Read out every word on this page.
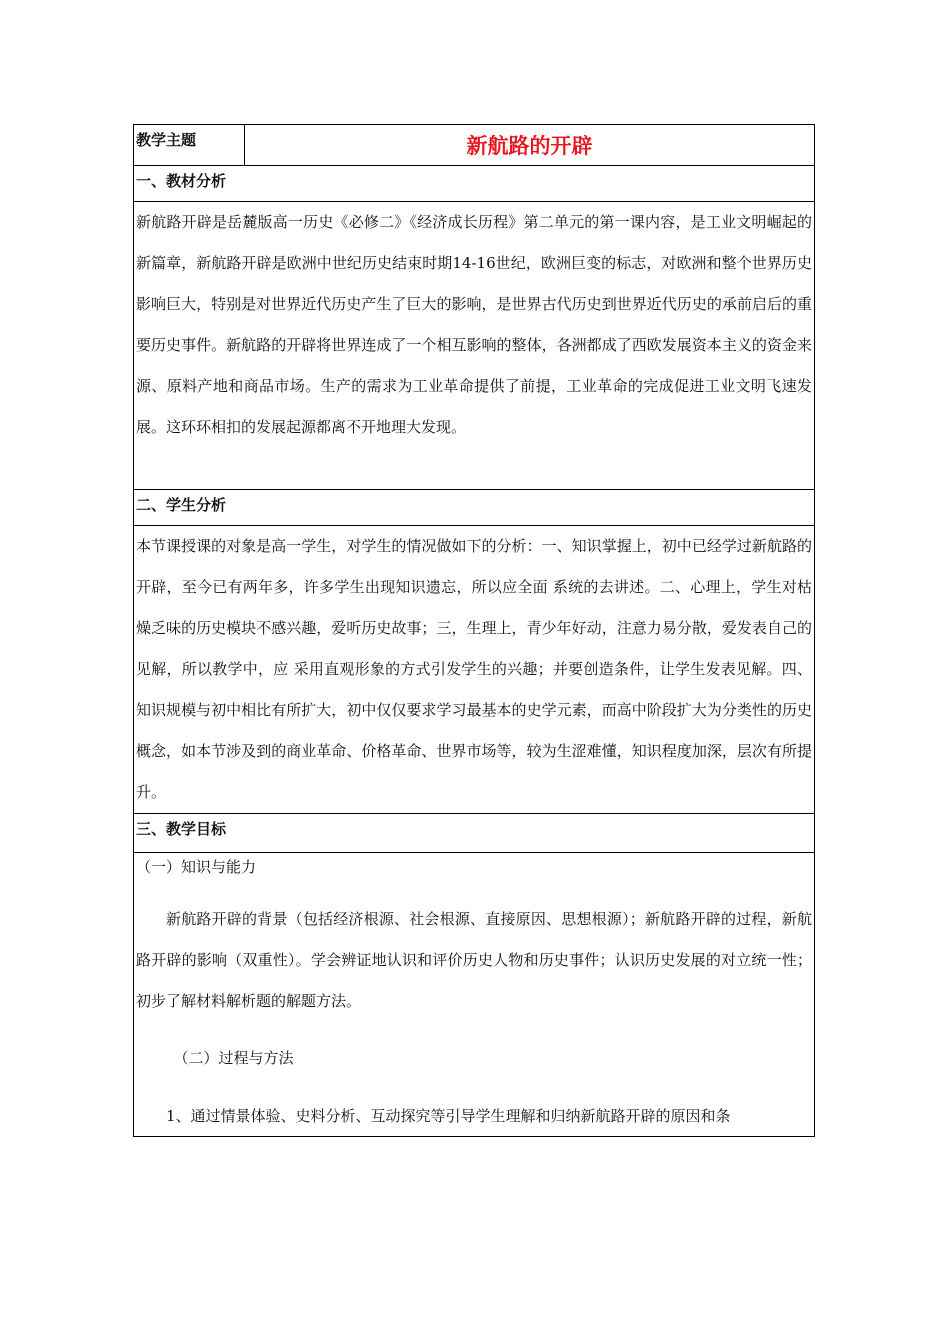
教学主题	新航路的开辟
一、教材分析
新航路开辟是岳麓版高一历史《必修二》《经济成长历程》第二单元的第一课内容，是工业文明崛起的新篇章，新航路开辟是欧洲中世纪历史结束时期14-16世纪，欧洲巨变的标志，对欧洲和整个世界历史影响巨大，特别是对世界近代历史产生了巨大的影响，是世界古代历史到世界近代历史的承前启后的重要历史事件。新航路的开辟将世界连成了一个相互影响的整体，各洲都成了西欧发展资本主义的资金来源、原料产地和商品市场。生产的需求为工业革命提供了前提，工业革命的完成促进工业文明飞速发展。这环环相扣的发展起源都离不开地理大发现。
二、学生分析
本节课授课的对象是高一学生，对学生的情况做如下的分析：一、知识掌握上，初中已经学过新航路的开辟，至今已有两年多，许多学生出现知识遗忘，所以应全面 系统的去讲述。二、心理上，学生对枯燥乏味的历史模块不感兴趣，爱听历史故事；三，生理上，青少年好动，注意力易分散，爱发表自己的见解，所以教学中，应 采用直观形象的方式引发学生的兴趣；并要创造条件，让学生发表见解。四、知识规模与初中相比有所扩大，初中仅仅要求学习最基本的史学元素，而高中阶段扩大为分类性的历史概念，如本节涉及到的商业革命、价格革命、世界市场等，较为生涩难懂，知识程度加深，层次有所提升。
三、教学目标

（一）知识与能力

新航路开辟的背景（包括经济根源、社会根源、直接原因、思想根源）；新航路开辟的过程，新航路开辟的影响（双重性）。学会辨证地认识和评价历史人物和历史事件；认识历史发展的对立统一性；初步了解材料解析题的解题方法。

（二）过程与方法

1、通过情景体验、史料分析、互动探究等引导学生理解和归纳新航路开辟的原因和条
